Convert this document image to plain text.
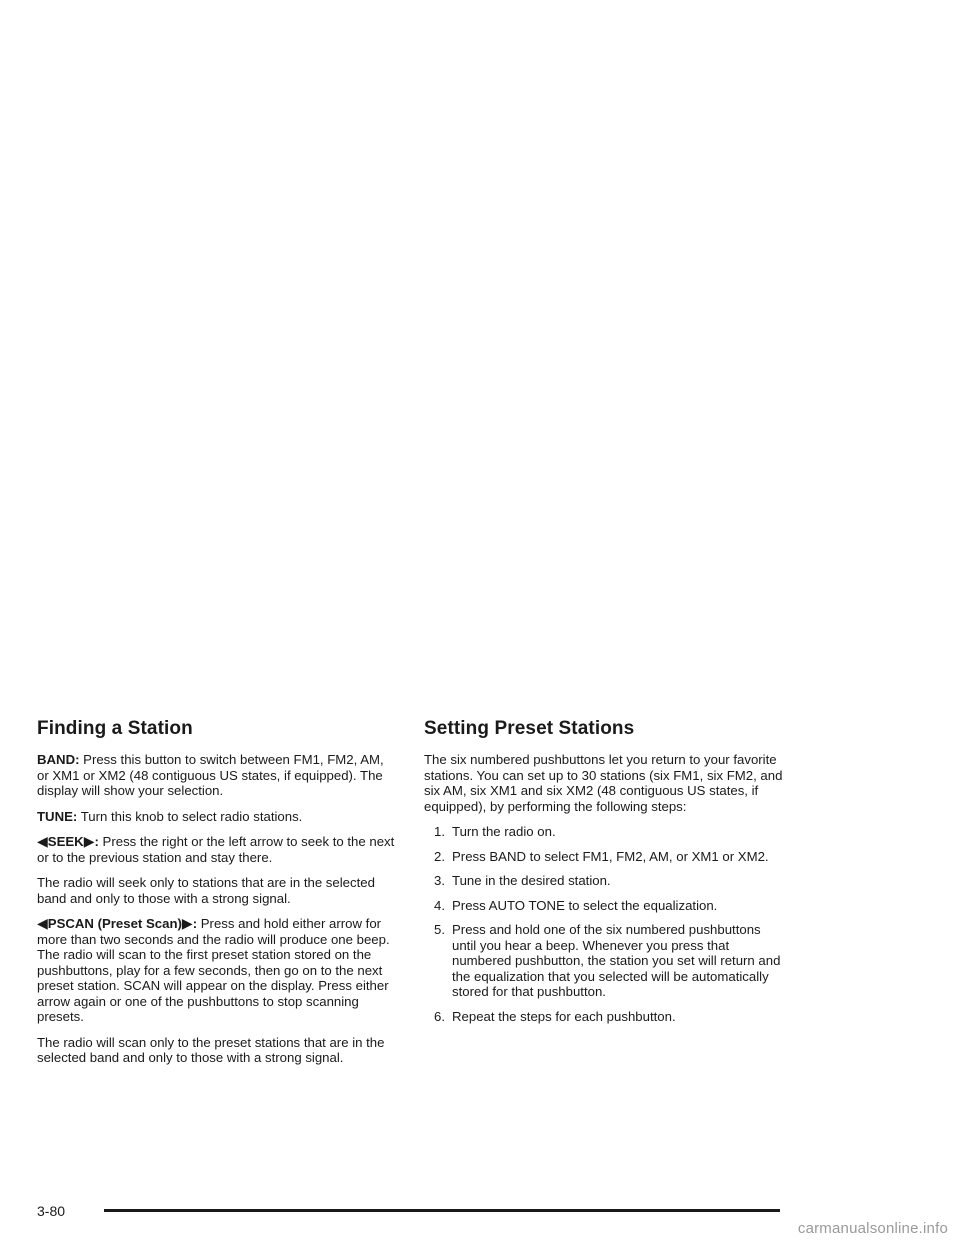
Finding a Station

BAND: Press this button to switch between FM1, FM2, AM, or XM1 or XM2 (48 contiguous US states, if equipped). The display will show your selection.

TUNE: Turn this knob to select radio stations.

◀SEEK▶: Press the right or the left arrow to seek to the next or to the previous station and stay there.

The radio will seek only to stations that are in the selected band and only to those with a strong signal.

◀PSCAN (Preset Scan)▶: Press and hold either arrow for more than two seconds and the radio will produce one beep. The radio will scan to the first preset station stored on the pushbuttons, play for a few seconds, then go on to the next preset station. SCAN will appear on the display. Press either arrow again or one of the pushbuttons to stop scanning presets.

The radio will scan only to the preset stations that are in the selected band and only to those with a strong signal.

Setting Preset Stations

The six numbered pushbuttons let you return to your favorite stations. You can set up to 30 stations (six FM1, six FM2, and six AM, six XM1 and six XM2 (48 contiguous US states, if equipped), by performing the following steps:

1. Turn the radio on.
2. Press BAND to select FM1, FM2, AM, or XM1 or XM2.
3. Tune in the desired station.
4. Press AUTO TONE to select the equalization.
5. Press and hold one of the six numbered pushbuttons until you hear a beep. Whenever you press that numbered pushbutton, the station you set will return and the equalization that you selected will be automatically stored for that pushbutton.
6. Repeat the steps for each pushbutton.
3-80
carmanualsonline.info
